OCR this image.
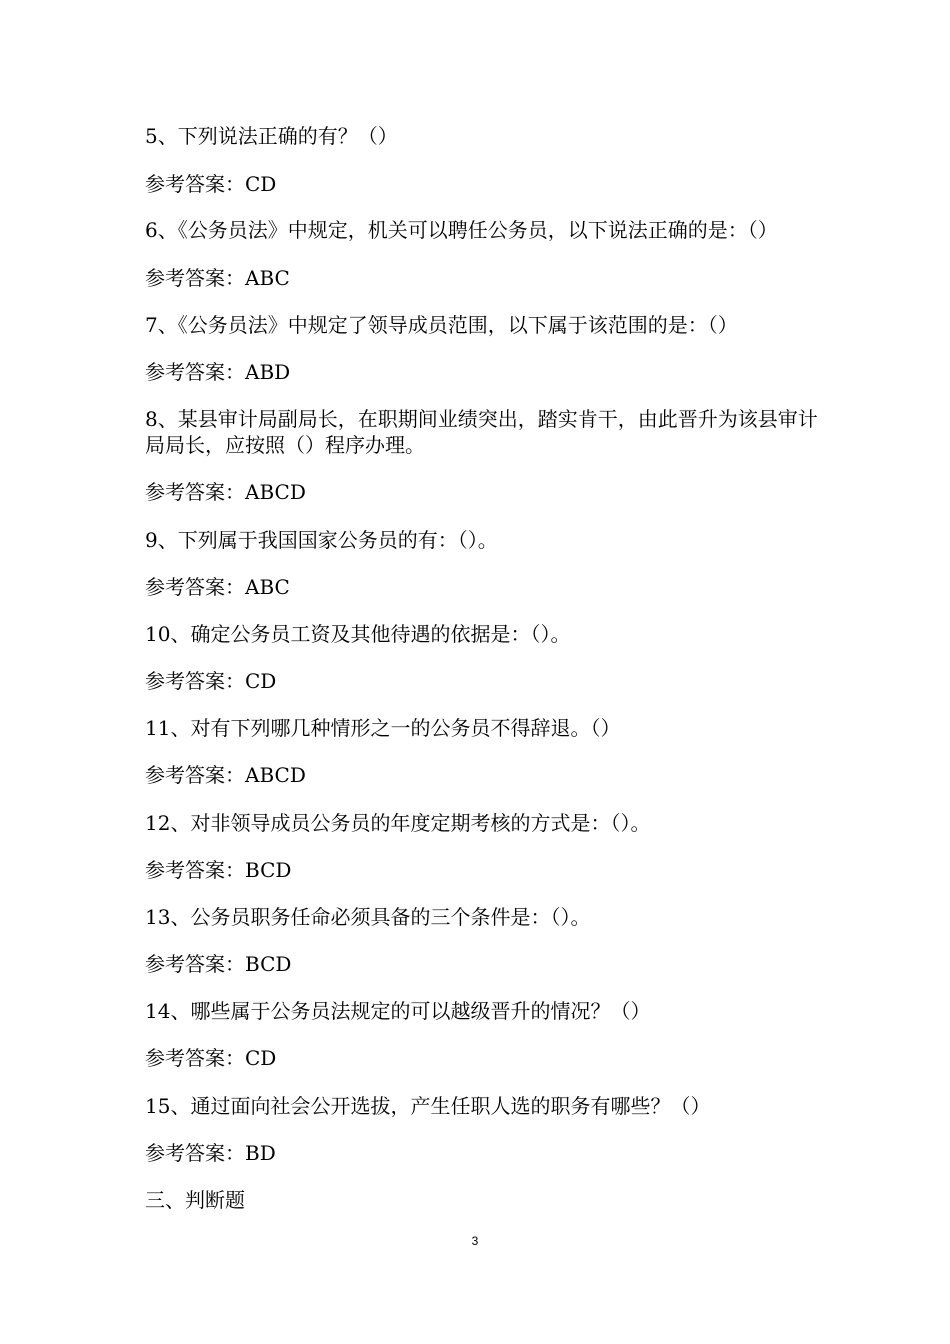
5、下列说法正确的有？（）
参考答案：CD
6、《公务员法》中规定，机关可以聘任公务员，以下说法正确的是：（）
参考答案：ABC
7、《公务员法》中规定了领导成员范围，以下属于该范围的是：（）
参考答案：ABD
8、某县审计局副局长，在职期间业绩突出，踏实肯干，由此晋升为该县审计局局长，应按照（）程序办理。
参考答案：ABCD
9、下列属于我国国家公务员的有：（）。
参考答案：ABC
10、确定公务员工资及其他待遇的依据是：（）。
参考答案：CD
11、对有下列哪几种情形之一的公务员不得辞退。（）
参考答案：ABCD
12、对非领导成员公务员的年度定期考核的方式是：（）。
参考答案：BCD
13、公务员职务任命必须具备的三个条件是：（）。
参考答案：BCD
14、哪些属于公务员法规定的可以越级晋升的情况？（）
参考答案：CD
15、通过面向社会公开选拔，产生任职人选的职务有哪些？（）
参考答案：BD
三、判断题
3
